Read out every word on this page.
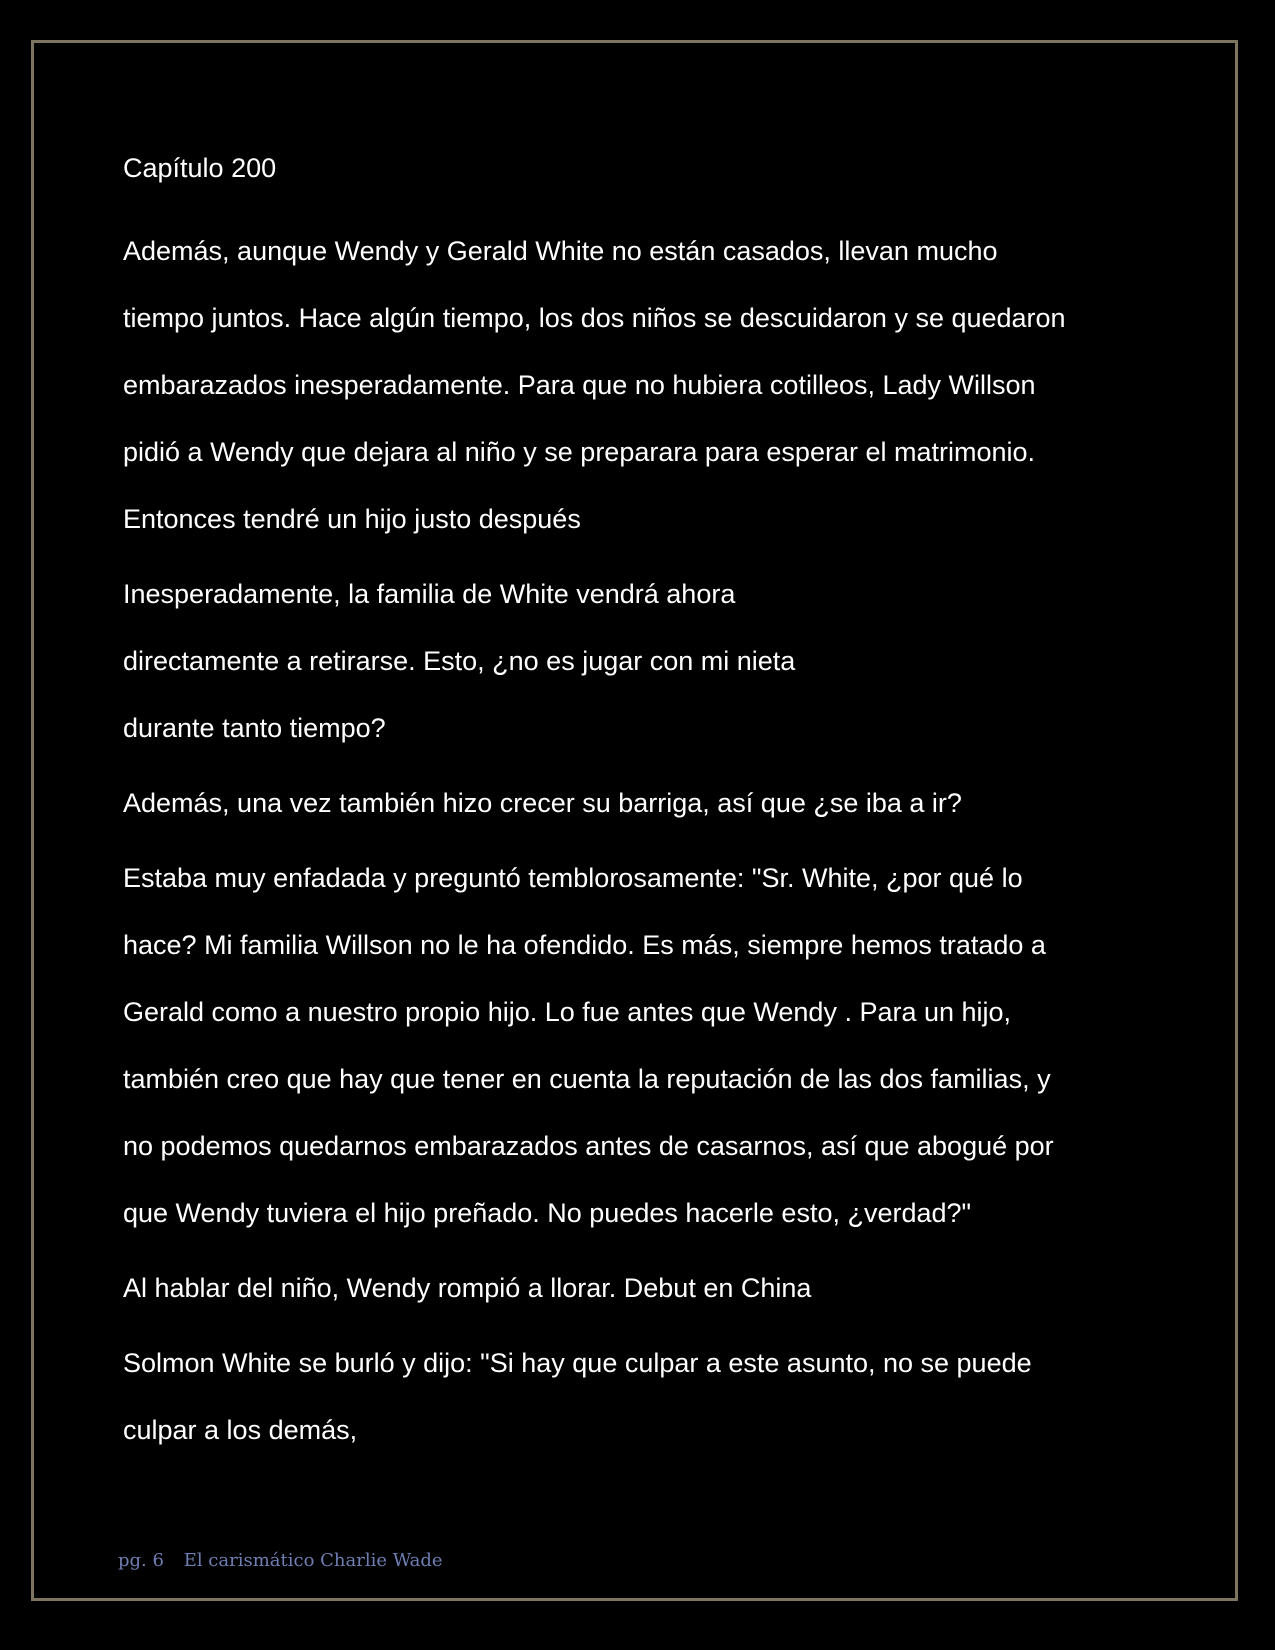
Capítulo 200
Además, aunque Wendy y Gerald White no están casados, llevan mucho
tiempo juntos. Hace algún tiempo, los dos niños se descuidaron y se quedaron
embarazados inesperadamente. Para que no hubiera cotilleos, Lady Willson
pidió a Wendy que dejara al niño y se preparara para esperar el matrimonio.
Entonces tendré un hijo justo después
Inesperadamente, la familia de White vendrá ahora
directamente a retirarse. Esto, ¿no es jugar con mi nieta
durante tanto tiempo?
Además, una vez también hizo crecer su barriga, así que ¿se iba a ir?
Estaba muy enfadada y preguntó temblorosamente: "Sr. White, ¿por qué lo
hace? Mi familia Willson no le ha ofendido. Es más, siempre hemos tratado a
Gerald como a nuestro propio hijo. Lo fue antes que Wendy . Para un hijo,
también creo que hay que tener en cuenta la reputación de las dos familias, y
no podemos quedarnos embarazados antes de casarnos, así que abogué por
que Wendy tuviera el hijo preñado. No puedes hacerle esto, ¿verdad?"
Al hablar del niño, Wendy rompió a llorar. Debut en China
Solmon White se burló y dijo: "Si hay que culpar a este asunto, no se puede
culpar a los demás,
pg. 6 El carismático Charlie Wade
